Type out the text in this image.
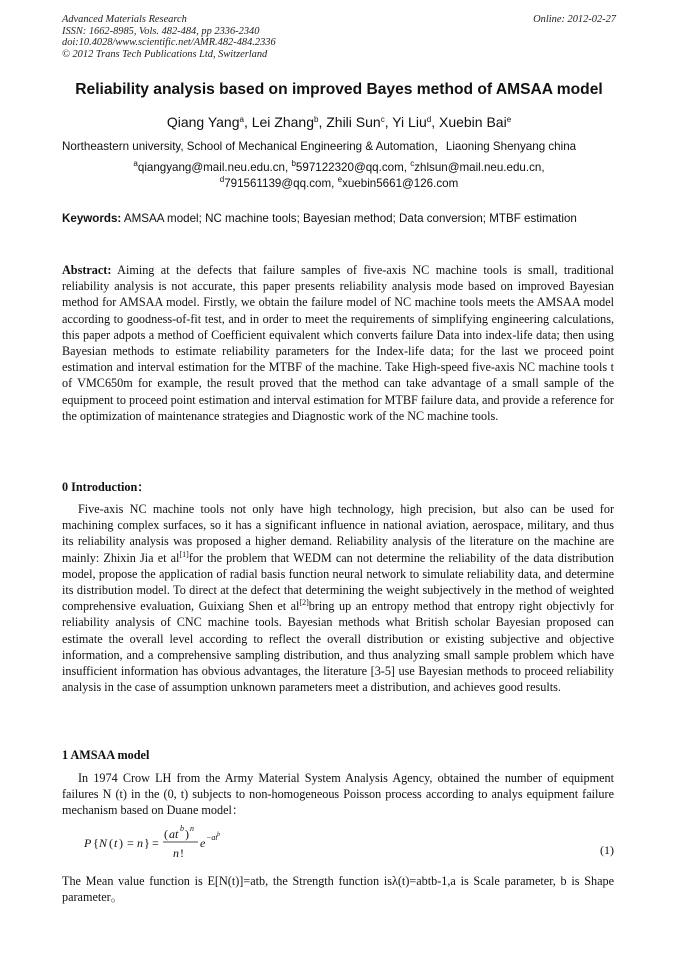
Advanced Materials Research
ISSN: 1662-8985, Vols. 482-484, pp 2336-2340
doi:10.4028/www.scientific.net/AMR.482-484.2336
© 2012 Trans Tech Publications Ltd, Switzerland
Online: 2012-02-27
Reliability analysis based on improved Bayes method of AMSAA model
Qiang Yang$^a$, Lei Zhang$^b$, Zhili Sun$^c$, Yi Liu$^d$, Xuebin Bai$^e$
Northeastern university, School of Mechanical Engineering & Automation，Liaoning Shenyang china
$^a$qiangyang@mail.neu.edu.cn, $^b$597122320@qq.com, $^c$zhlsun@mail.neu.edu.cn,
$^d$791561139@qq.com, $^e$xuebin5661@126.com
Keywords: AMSAA model; NC machine tools; Bayesian method; Data conversion; MTBF estimation
Abstract: Aiming at the defects that failure samples of five-axis NC machine tools is small, traditional reliability analysis is not accurate, this paper presents reliability analysis mode based on improved Bayesian method for AMSAA model. Firstly, we obtain the failure model of NC machine tools meets the AMSAA model according to goodness-of-fit test, and in order to meet the requirements of simplifying engineering calculations, this paper adpots a method of Coefficient equivalent which converts failure Data into index-life data; then using Bayesian methods to estimate reliability parameters for the Index-life data; for the last we proceed point estimation and interval estimation for the MTBF of the machine. Take High-speed five-axis NC machine tools t of VMC650m for example, the result proved that the method can take advantage of a small sample of the equipment to proceed point estimation and interval estimation for MTBF failure data, and provide a reference for the optimization of maintenance strategies and Diagnostic work of the NC machine tools.
0 Introduction：
Five-axis NC machine tools not only have high technology, high precision, but also can be used for machining complex surfaces, so it has a significant influence in national aviation, aerospace, military, and thus its reliability analysis was proposed a higher demand. Reliability analysis of the literature on the machine are mainly: Zhixin Jia et al[1]for the problem that WEDM can not determine the reliability of the data distribution model, propose the application of radial basis function neural network to simulate reliability data, and determine its distribution model. To direct at the defect that determining the weight subjectively in the method of weighted comprehensive evaluation, Guixiang Shen et al[2]bring up an entropy method that entropy right objectivly for reliability analysis of CNC machine tools. Bayesian methods what British scholar Bayesian proposed can estimate the overall level according to reflect the overall distribution or existing subjective and objective information, and a comprehensive sampling distribution, and thus analyzing small sample problem which have insufficient information has obvious advantages, the literature [3-5] use Bayesian methods to proceed reliability analysis in the case of assumption unknown parameters meet a distribution, and achieves good results.
1 AMSAA model
In 1974 Crow LH from the Army Material System Analysis Agency, obtained the number of equipment failures N (t) in the (0, t) subjects to non-homogeneous Poisson process according to analys equipment failure mechanism based on Duane model：
P { N ( t ) = n } =
( at b ) n
n !
e −at b
(1)
The Mean value function is E[N(t)]=atb, the Strength function isλ(t)=abtb-1,a is Scale parameter, b is Shape parameter。
